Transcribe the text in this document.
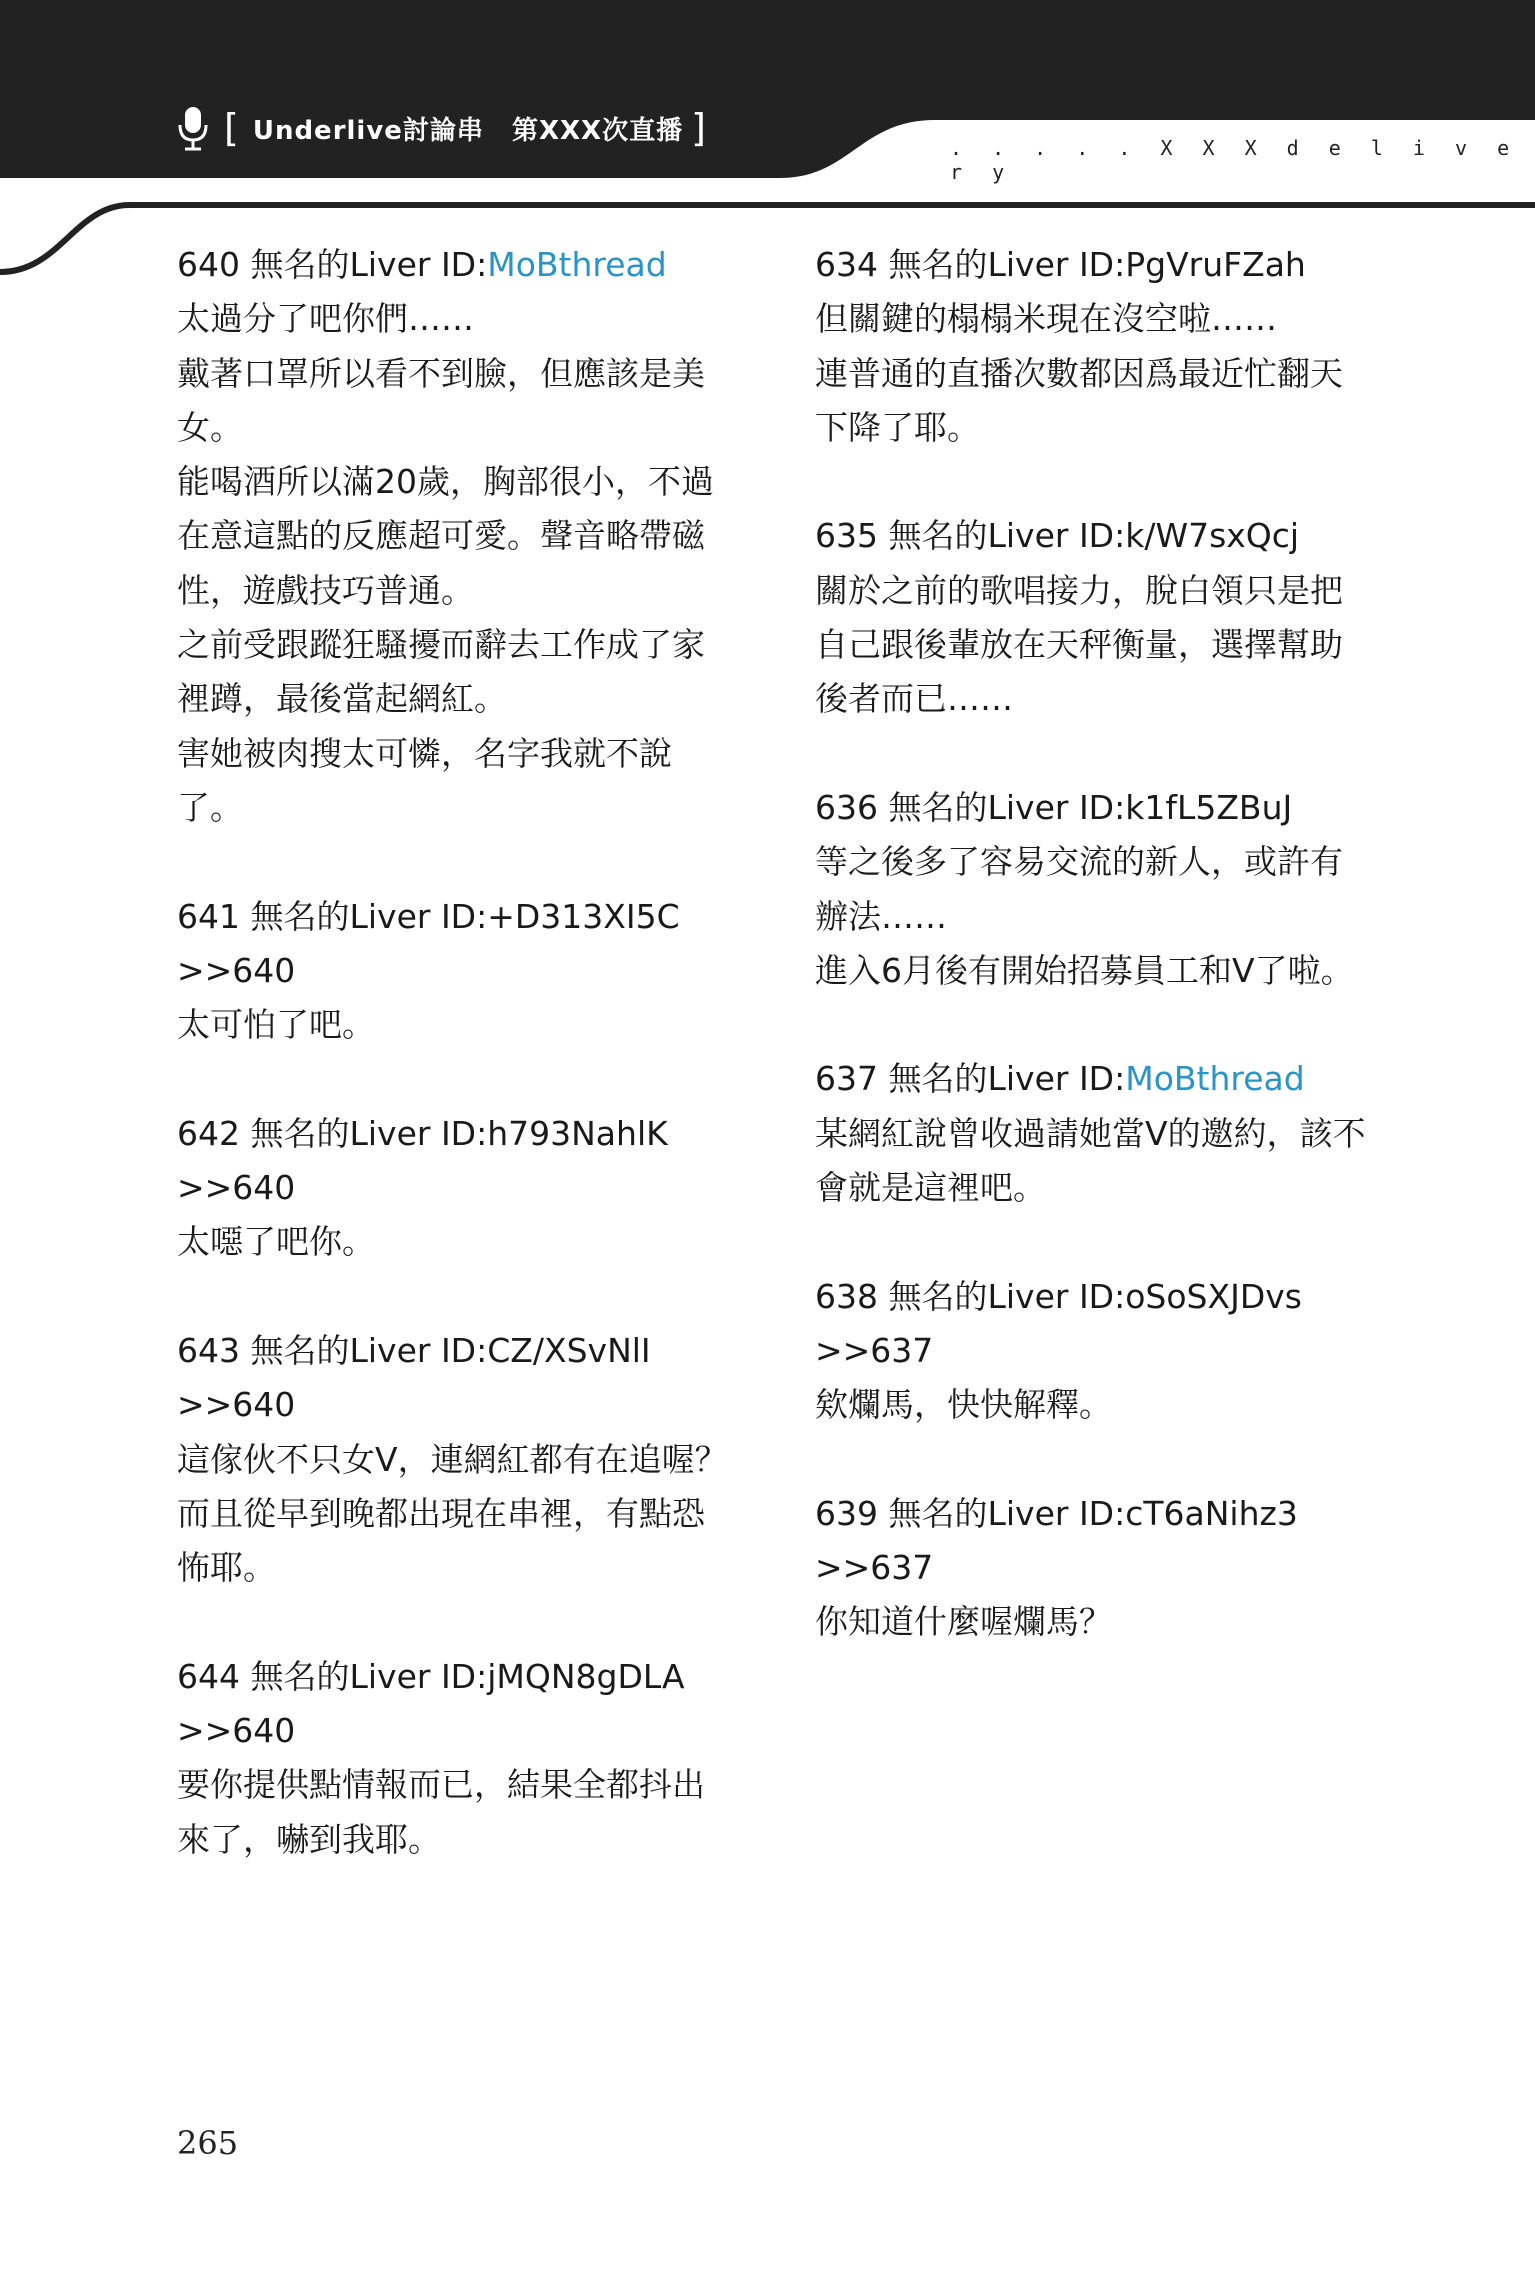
[ Underlive討論串 第XXX次直播 ]	. . . . . X X X d e l i v e r y

640 無名的Liver ID:MoBthread

太過分了吧你們……

戴著口罩所以看不到臉，但應該是美女。

能喝酒所以滿20歲，胸部很小，不過在意這點的反應超可愛。聲音略帶磁性，遊戲技巧普通。

之前受跟蹤狂騷擾而辭去工作成了家裡蹲，最後當起網紅。

害她被肉搜太可憐，名字我就不說了。

641 無名的Liver ID:+D313XI5C

>>640

太可怕了吧。

642 無名的Liver ID:h793NahlK

>>640

太噁了吧你。

643 無名的Liver ID:CZ/XSvNlI

>>640

這傢伙不只女V，連網紅都有在追喔？

而且從早到晚都出現在串裡，有點恐怖耶。

644 無名的Liver ID:jMQN8gDLA

>>640

要你提供點情報而已，結果全都抖出來了，嚇到我耶。

634 無名的Liver ID:PgVruFZah

但關鍵的榻榻米現在沒空啦……

連普通的直播次數都因爲最近忙翻天下降了耶。

635 無名的Liver ID:k/W7sxQcj

關於之前的歌唱接力，脫白領只是把自己跟後輩放在天秤衡量，選擇幫助後者而已……

636 無名的Liver ID:k1fL5ZBuJ

等之後多了容易交流的新人，或許有辦法……

進入6月後有開始招募員工和V了啦。

637 無名的Liver ID:MoBthread

某網紅說曾收過請她當V的邀約，該不會就是這裡吧。

638 無名的Liver ID:oSoSXJDvs

>>637

欸爛馬，快快解釋。

639 無名的Liver ID:cT6aNihz3

>>637

你知道什麼喔爛馬？

265
